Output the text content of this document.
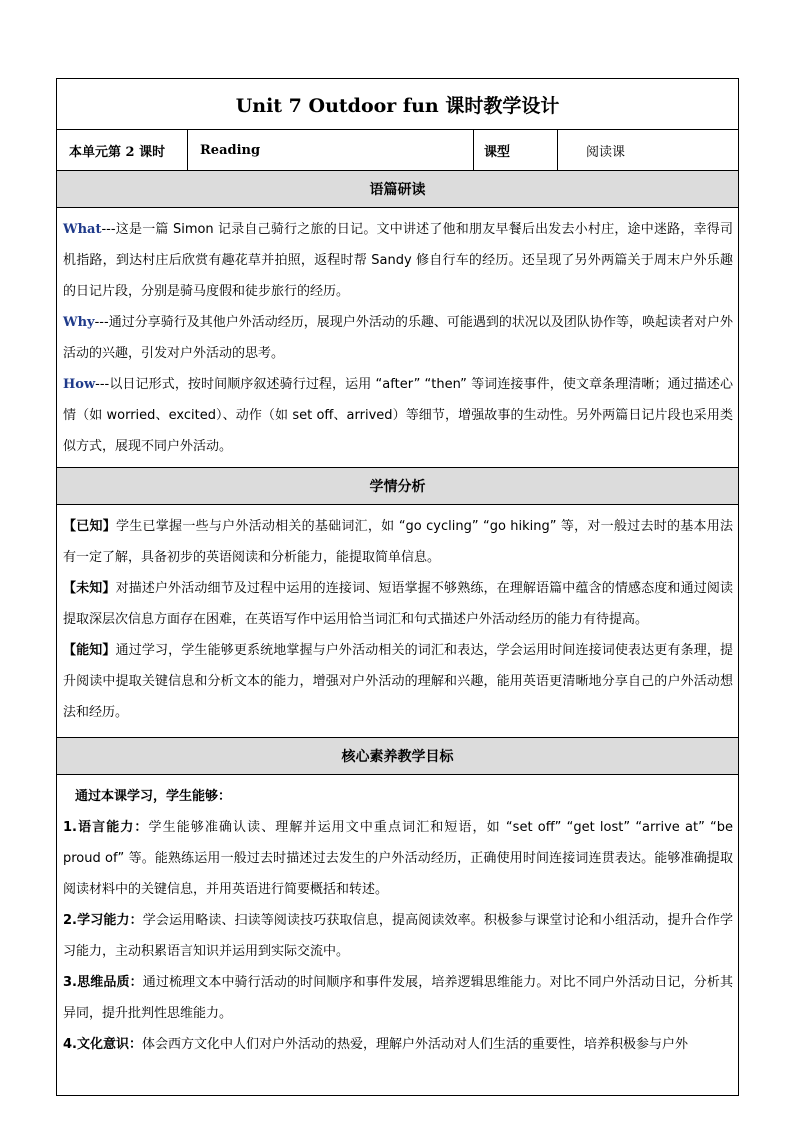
Unit 7 Outdoor fun 课时教学设计
本单元第 2 课时	Reading	课型	阅读课
语篇研读

What---这是一篇 Simon 记录自己骑行之旅的日记。文中讲述了他和朋友早餐后出发去小村庄，途中迷路，幸得司机指路，到达村庄后欣赏有趣花草并拍照，返程时帮 Sandy 修自行车的经历。还呈现了另外两篇关于周末户外乐趣的日记片段，分别是骑马度假和徒步旅行的经历。

Why---通过分享骑行及其他户外活动经历，展现户外活动的乐趣、可能遇到的状况以及团队协作等，唤起读者对户外活动的兴趣，引发对户外活动的思考。

How---以日记形式，按时间顺序叙述骑行过程，运用 “after” “then” 等词连接事件，使文章条理清晰；通过描述心情（如 worried、excited）、动作（如 set off、arrived）等细节，增强故事的生动性。另外两篇日记片段也采用类似方式，展现不同户外活动。

学情分析

【已知】学生已掌握一些与户外活动相关的基础词汇，如 “go cycling” “go hiking” 等，对一般过去时的基本用法有一定了解，具备初步的英语阅读和分析能力，能提取简单信息。

【未知】对描述户外活动细节及过程中运用的连接词、短语掌握不够熟练，在理解语篇中蕴含的情感态度和通过阅读提取深层次信息方面存在困难，在英语写作中运用恰当词汇和句式描述户外活动经历的能力有待提高。

【能知】通过学习，学生能够更系统地掌握与户外活动相关的词汇和表达，学会运用时间连接词使表达更有条理，提升阅读中提取关键信息和分析文本的能力，增强对户外活动的理解和兴趣，能用英语更清晰地分享自己的户外活动想法和经历。

核心素养教学目标

通过本课学习，学生能够：

1.语言能力：学生能够准确认读、理解并运用文中重点词汇和短语，如 “set off” “get lost” “arrive at” “be proud of” 等。能熟练运用一般过去时描述过去发生的户外活动经历，正确使用时间连接词连贯表达。能够准确提取阅读材料中的关键信息，并用英语进行简要概括和转述。

2.学习能力：学会运用略读、扫读等阅读技巧获取信息，提高阅读效率。积极参与课堂讨论和小组活动，提升合作学习能力，主动积累语言知识并运用到实际交流中。

3.思维品质：通过梳理文本中骑行活动的时间顺序和事件发展，培养逻辑思维能力。对比不同户外活动日记，分析其异同，提升批判性思维能力。

4.文化意识：体会西方文化中人们对户外活动的热爱，理解户外活动对人们生活的重要性，培养积极参与户外
